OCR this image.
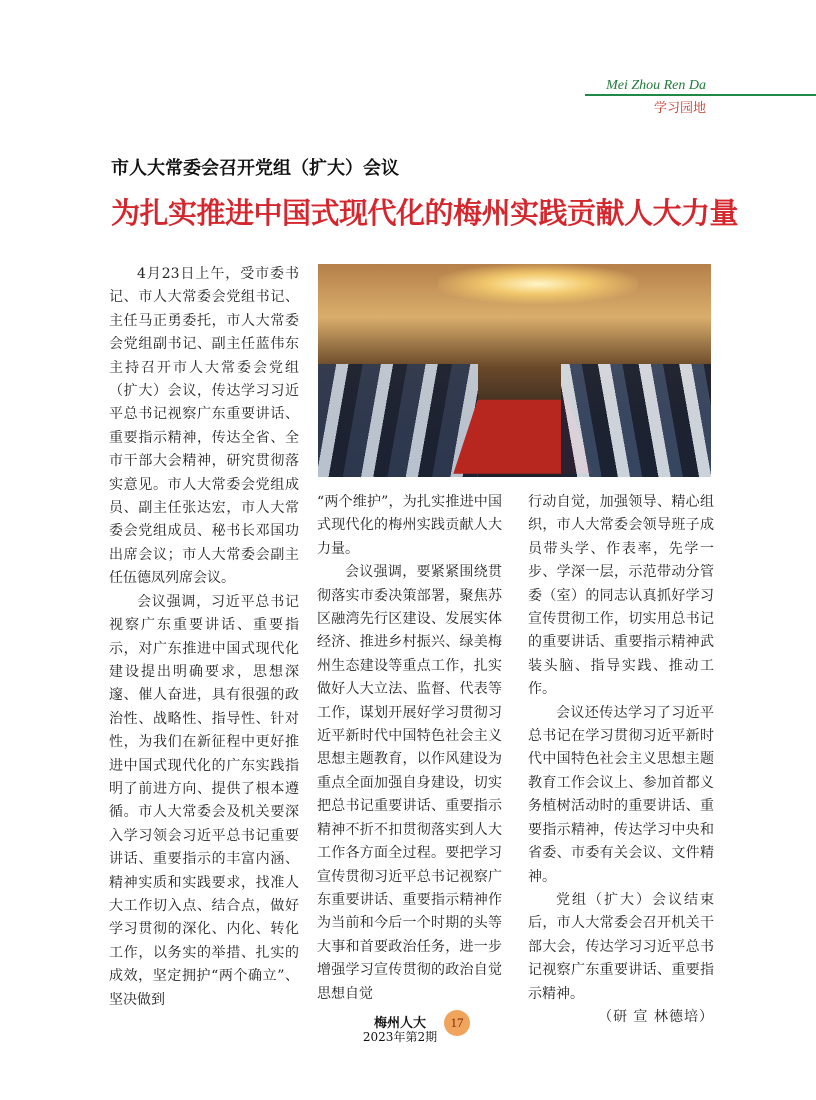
Mei Zhou Ren Da
学习园地
市人大常委会召开党组（扩大）会议
为扎实推进中国式现代化的梅州实践贡献人大力量

4月23日上午，受市委书记、市人大常委会党组书记、主任马正勇委托，市人大常委会党组副书记、副主任蓝伟东主持召开市人大常委会党组（扩大）会议，传达学习习近平总书记视察广东重要讲话、重要指示精神，传达全省、全市干部大会精神，研究贯彻落实意见。市人大常委会党组成员、副主任张达宏，市人大常委会党组成员、秘书长邓国功出席会议；市人大常委会副主任伍德凤列席会议。

会议强调，习近平总书记视察广东重要讲话、重要指示，对广东推进中国式现代化建设提出明确要求，思想深邃、催人奋进，具有很强的政治性、战略性、指导性、针对性，为我们在新征程中更好推进中国式现代化的广东实践指明了前进方向、提供了根本遵循。市人大常委会及机关要深入学习领会习近平总书记重要讲话、重要指示的丰富内涵、精神实质和实践要求，找准人大工作切入点、结合点，做好学习贯彻的深化、内化、转化工作，以务实的举措、扎实的成效，坚定拥护“两个确立”、坚决做到

“两个维护”，为扎实推进中国式现代化的梅州实践贡献人大力量。

会议强调，要紧紧围绕贯彻落实市委决策部署，聚焦苏区融湾先行区建设、发展实体经济、推进乡村振兴、绿美梅州生态建设等重点工作，扎实做好人大立法、监督、代表等工作，谋划开展好学习贯彻习近平新时代中国特色社会主义思想主题教育，以作风建设为重点全面加强自身建设，切实把总书记重要讲话、重要指示精神不折不扣贯彻落实到人大工作各方面全过程。要把学习宣传贯彻习近平总书记视察广东重要讲话、重要指示精神作为当前和今后一个时期的头等大事和首要政治任务，进一步增强学习宣传贯彻的政治自觉思想自觉

行动自觉，加强领导、精心组织，市人大常委会领导班子成员带头学、作表率，先学一步、学深一层，示范带动分管委（室）的同志认真抓好学习宣传贯彻工作，切实用总书记的重要讲话、重要指示精神武装头脑、指导实践、推动工作。

会议还传达学习了习近平总书记在学习贯彻习近平新时代中国特色社会主义思想主题教育工作会议上、参加首都义务植树活动时的重要讲话、重要指示精神，传达学习中央和省委、市委有关会议、文件精神。

党组（扩大）会议结束后，市人大常委会召开机关干部大会，传达学习习近平总书记视察广东重要讲话、重要指示精神。

（研 宣 林德培）

梅州人大
2023年第2期
17
